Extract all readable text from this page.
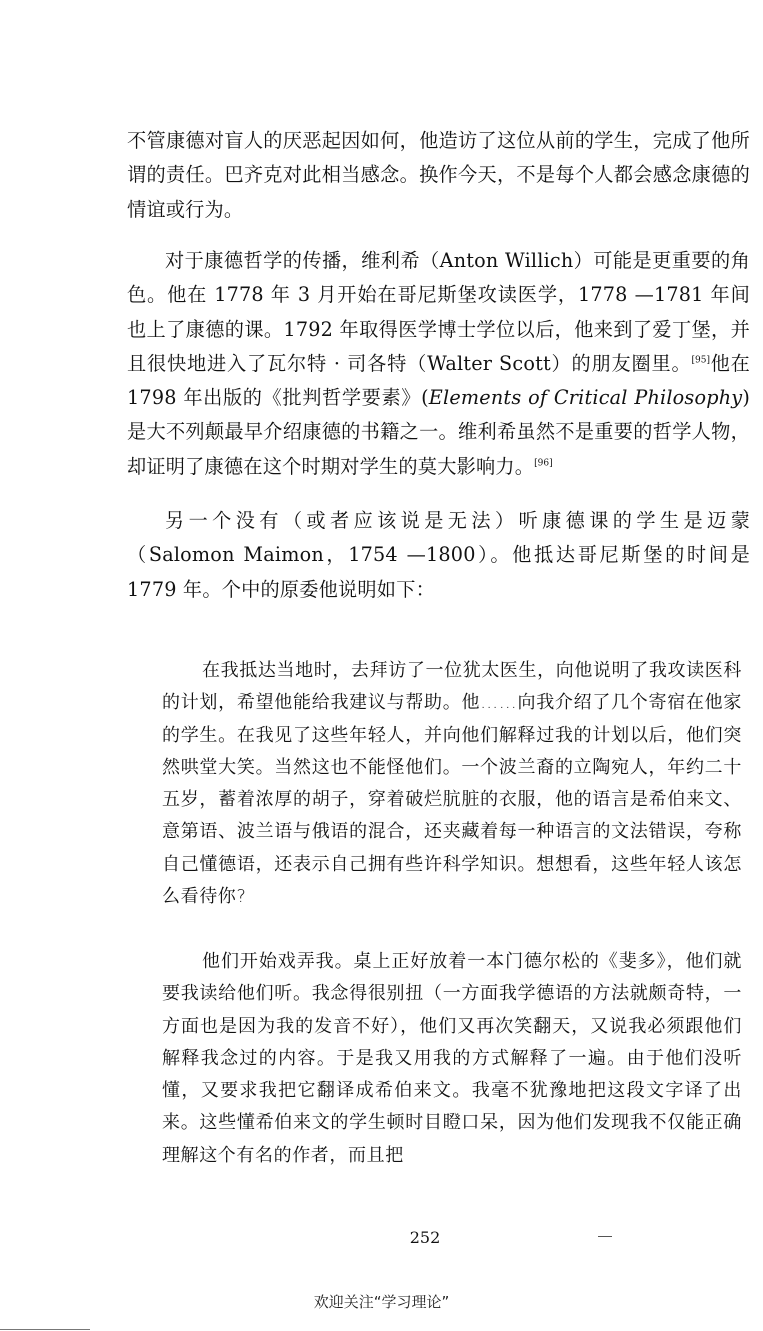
不管康德对盲人的厌恶起因如何，他造访了这位从前的学生，完成了他所谓的责任。巴齐克对此相当感念。换作今天，不是每个人都会感念康德的情谊或行为。

对于康德哲学的传播，维利希（Anton Willich）可能是更重要的角色。他在 1778 年 3 月开始在哥尼斯堡攻读医学，1778 —1781 年间也上了康德的课。1792 年取得医学博士学位以后，他来到了爱丁堡，并且很快地进入了瓦尔特 · 司各特（Walter Scott）的朋友圈里。[95]他在 1798 年出版的《批判哲学要素》(Elements of Critical Philosophy) 是大不列颠最早介绍康德的书籍之一。维利希虽然不是重要的哲学人物，却证明了康德在这个时期对学生的莫大影响力。[96]

另一个没有（或者应该说是无法）听康德课的学生是迈蒙（Salomon Maimon，1754 —1800）。他抵达哥尼斯堡的时间是 1779 年。个中的原委他说明如下：

在我抵达当地时，去拜访了一位犹太医生，向他说明了我攻读医科的计划，希望他能给我建议与帮助。他……向我介绍了几个寄宿在他家的学生。在我见了这些年轻人，并向他们解释过我的计划以后，他们突然哄堂大笑。当然这也不能怪他们。一个波兰裔的立陶宛人，年约二十五岁，蓄着浓厚的胡子，穿着破烂肮脏的衣服，他的语言是希伯来文、意第语、波兰语与俄语的混合，还夹藏着每一种语言的文法错误，夸称自己懂德语，还表示自己拥有些许科学知识。想想看，这些年轻人该怎么看待你?

他们开始戏弄我。桌上正好放着一本门德尔松的《斐多》，他们就要我读给他们听。我念得很别扭（一方面我学德语的方法就颇奇特，一方面也是因为我的发音不好），他们又再次笑翻天，又说我必须跟他们解释我念过的内容。于是我又用我的方式解释了一遍。由于他们没听懂，又要求我把它翻译成希伯来文。我毫不犹豫地把这段文字译了出来。这些懂希伯来文的学生顿时目瞪口呆，因为他们发现我不仅能正确理解这个有名的作者，而且把

252
欢迎关注“学习理论”
